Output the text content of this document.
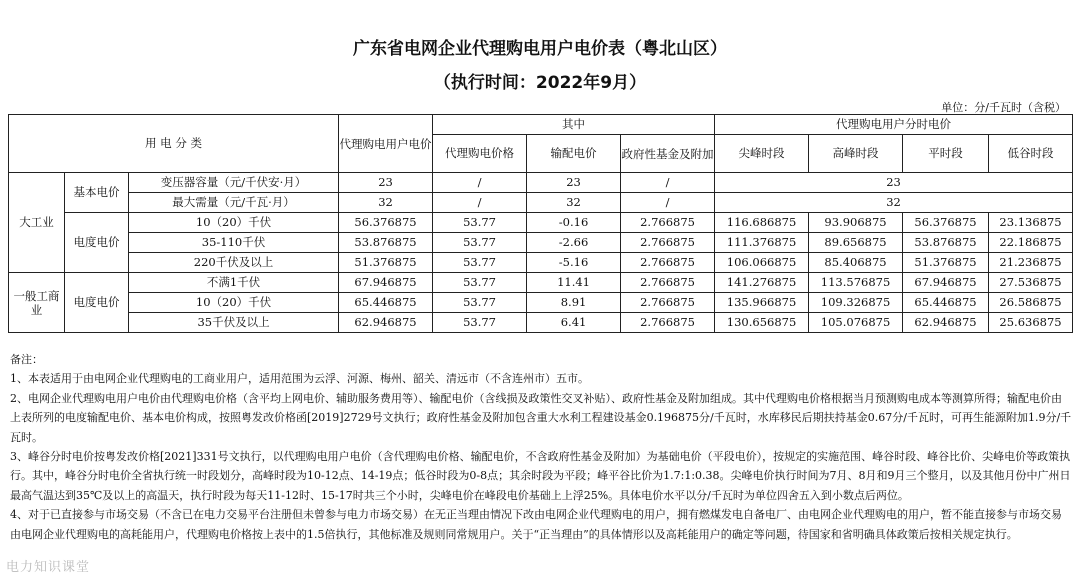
广东省电网企业代理购电用户电价表（粤北山区）
（执行时间：2022年9月）
单位：分/千瓦时（含税）
用 电 分 类			代理购电用户电价	其中			代理购电用户分时电价			
				代理购电价格	输配电价	政府性基金及附加	尖峰时段	高峰时段	平时段	低谷时段
大工业	基本电价	变压器容量（元/千伏安·月）	23	/	23	/	23			
		最大需量（元/千瓦·月）	32	/	32	/	32			
	电度电价	10（20）千伏	56.376875	53.77	-0.16	2.766875	116.686875	93.906875	56.376875	23.136875
		35-110千伏	53.876875	53.77	-2.66	2.766875	111.376875	89.656875	53.876875	22.186875
		220千伏及以上	51.376875	53.77	-5.16	2.766875	106.066875	85.406875	51.376875	21.236875
一般工商业	电度电价	不满1千伏	67.946875	53.77	11.41	2.766875	141.276875	113.576875	67.946875	27.536875
		10（20）千伏	65.446875	53.77	8.91	2.766875	135.966875	109.326875	65.446875	26.586875
		35千伏及以上	62.946875	53.77	6.41	2.766875	130.656875	105.076875	62.946875	25.636875

备注：

1、本表适用于由电网企业代理购电的工商业用户，适用范围为云浮、河源、梅州、韶关、清远市（不含连州市）五市。

2、电网企业代理购电用户电价由代理购电价格（含平均上网电价、辅助服务费用等）、输配电价（含线损及政策性交叉补贴）、政府性基金及附加组成。其中代理购电价格根据当月预测购电成本等测算所得；输配电价由上表所列的电度输配电价、基本电价构成，按照粤发改价格函[2019]2729号文执行；政府性基金及附加包含重大水利工程建设基金0.196875分/千瓦时，水库移民后期扶持基金0.67分/千瓦时，可再生能源附加1.9分/千瓦时。

3、峰谷分时电价按粤发改价格[2021]331号文执行，以代理购电用户电价（含代理购电价格、输配电价，不含政府性基金及附加）为基础电价（平段电价），按规定的实施范围、峰谷时段、峰谷比价、尖峰电价等政策执行。其中，峰谷分时电价全省执行统一时段划分，高峰时段为10-12点、14-19点；低谷时段为0-8点；其余时段为平段；峰平谷比价为1.7:1:0.38。尖峰电价执行时间为7月、8月和9月三个整月，以及其他月份中广州日最高气温达到35℃及以上的高温天，执行时段为每天11-12时、15-17时共三个小时，尖峰电价在峰段电价基础上上浮25%。具体电价水平以分/千瓦时为单位四舍五入到小数点后两位。

4、对于已直接参与市场交易（不含已在电力交易平台注册但未曾参与电力市场交易）在无正当理由情况下改由电网企业代理购电的用户，拥有燃煤发电自备电厂、由电网企业代理购电的用户，暂不能直接参与市场交易由电网企业代理购电的高耗能用户，代理购电价格按上表中的1.5倍执行，其他标准及规则同常规用户。关于“正当理由”的具体情形以及高耗能用户的确定等问题，待国家和省明确具体政策后按相关规定执行。

电力知识课堂
